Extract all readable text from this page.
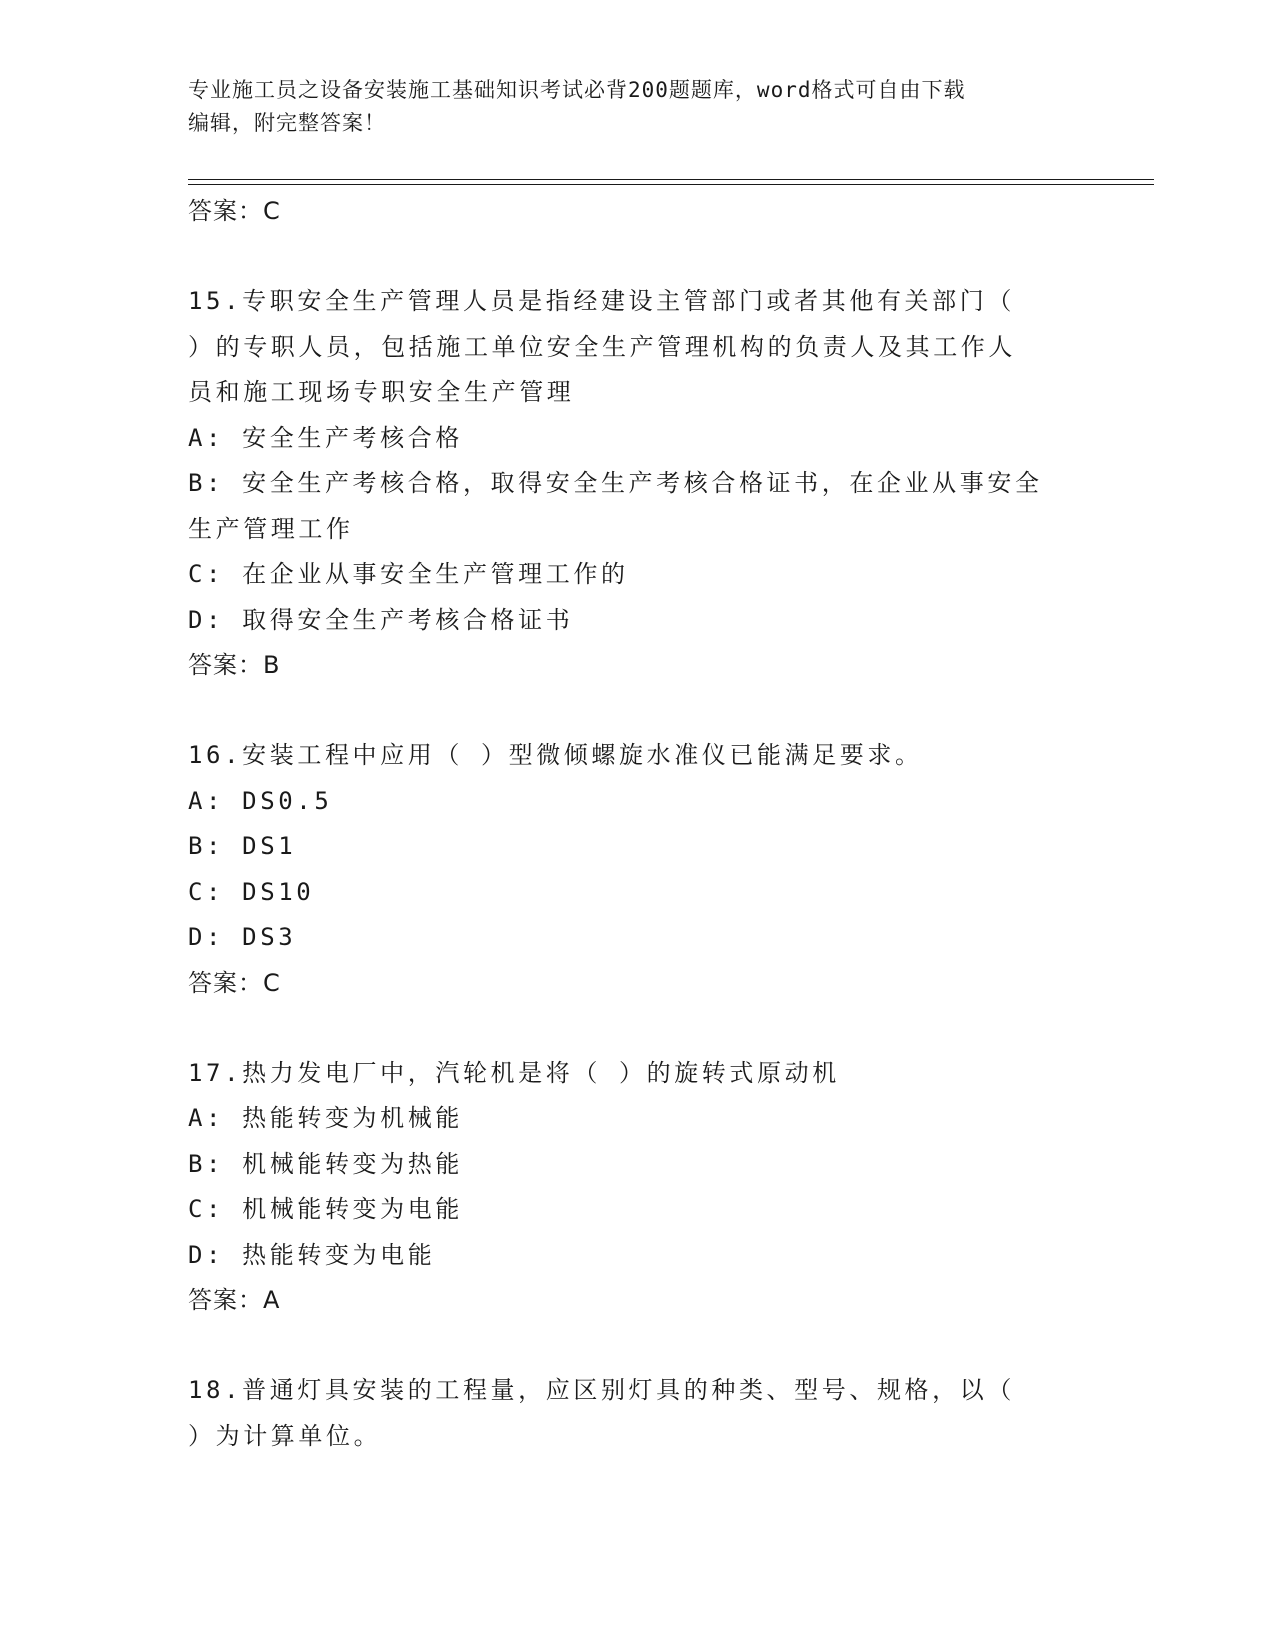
专业施工员之设备安装施工基础知识考试必背200题题库，word格式可自由下载
编辑，附完整答案！
答案：C
15.专职安全生产管理人员是指经建设主管部门或者其他有关部门（
）的专职人员，包括施工单位安全生产管理机构的负责人及其工作人
员和施工现场专职安全生产管理
A: 安全生产考核合格
B: 安全生产考核合格，取得安全生产考核合格证书，在企业从事安全
生产管理工作
C: 在企业从事安全生产管理工作的
D: 取得安全生产考核合格证书
答案：B
16.安装工程中应用（ ）型微倾螺旋水准仪已能满足要求。
A: DS0.5
B: DS1
C: DS10
D: DS3
答案：C
17.热力发电厂中，汽轮机是将（ ）的旋转式原动机
A: 热能转变为机械能
B: 机械能转变为热能
C: 机械能转变为电能
D: 热能转变为电能
答案：A
18.普通灯具安装的工程量，应区别灯具的种类、型号、规格，以（
）为计算单位。
